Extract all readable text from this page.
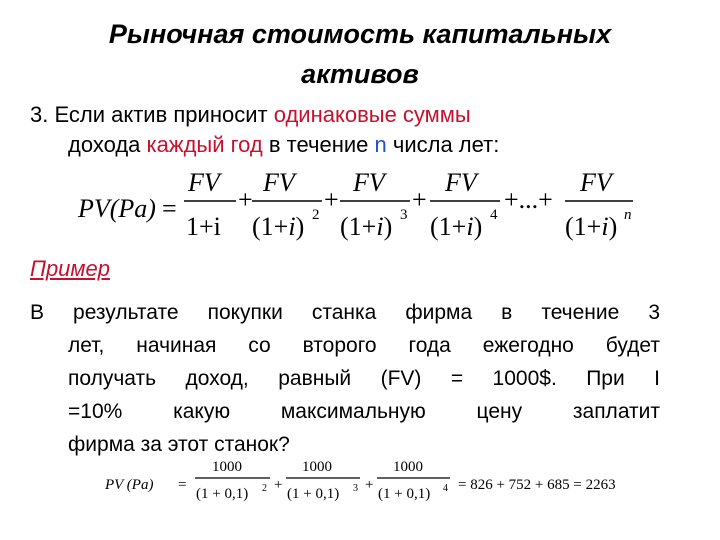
Рыночная стоимость капитальных
активов
3. Если актив приносит одинаковые суммы
дохода каждый год в течение n числа лет:
PV(Pa) =
FV
1+i
+
FV
(1+i) 2
+
FV
(1+i) 3
+
FV
(1+i) 4
+...+
FV
(1+i) n
Пример
В результате покупки станка фирма в течение 3
лет, начиная со второго года ежегодно будет
получать доход, равный (FV) = 1000$. При I
=10% какую максимальную цену заплатит
фирма за этот станок?
PV (Pa) =
1000
(1 + 0,1) 2 +
1000
(1 + 0,1) 3 +
1000
(1 + 0,1) 4 = 826 + 752 + 685 = 2263
